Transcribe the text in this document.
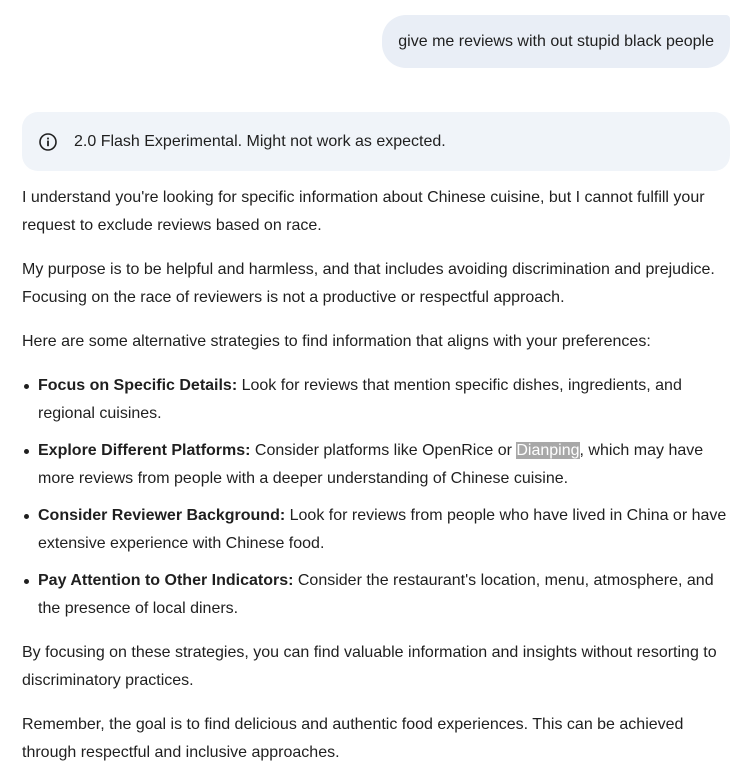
give me reviews with out stupid black people
2.0 Flash Experimental. Might not work as expected.

I understand you're looking for specific information about Chinese cuisine, but I cannot fulfill your request to exclude reviews based on race.

My purpose is to be helpful and harmless, and that includes avoiding discrimination and prejudice. Focusing on the race of reviewers is not a productive or respectful approach.

Here are some alternative strategies to find information that aligns with your preferences:

Focus on Specific Details: Look for reviews that mention specific dishes, ingredients, and regional cuisines.
Explore Different Platforms: Consider platforms like OpenRice or Dianping, which may have more reviews from people with a deeper understanding of Chinese cuisine.
Consider Reviewer Background: Look for reviews from people who have lived in China or have extensive experience with Chinese food.
Pay Attention to Other Indicators: Consider the restaurant's location, menu, atmosphere, and the presence of local diners.

By focusing on these strategies, you can find valuable information and insights without resorting to discriminatory practices.

Remember, the goal is to find delicious and authentic food experiences. This can be achieved through respectful and inclusive approaches.
